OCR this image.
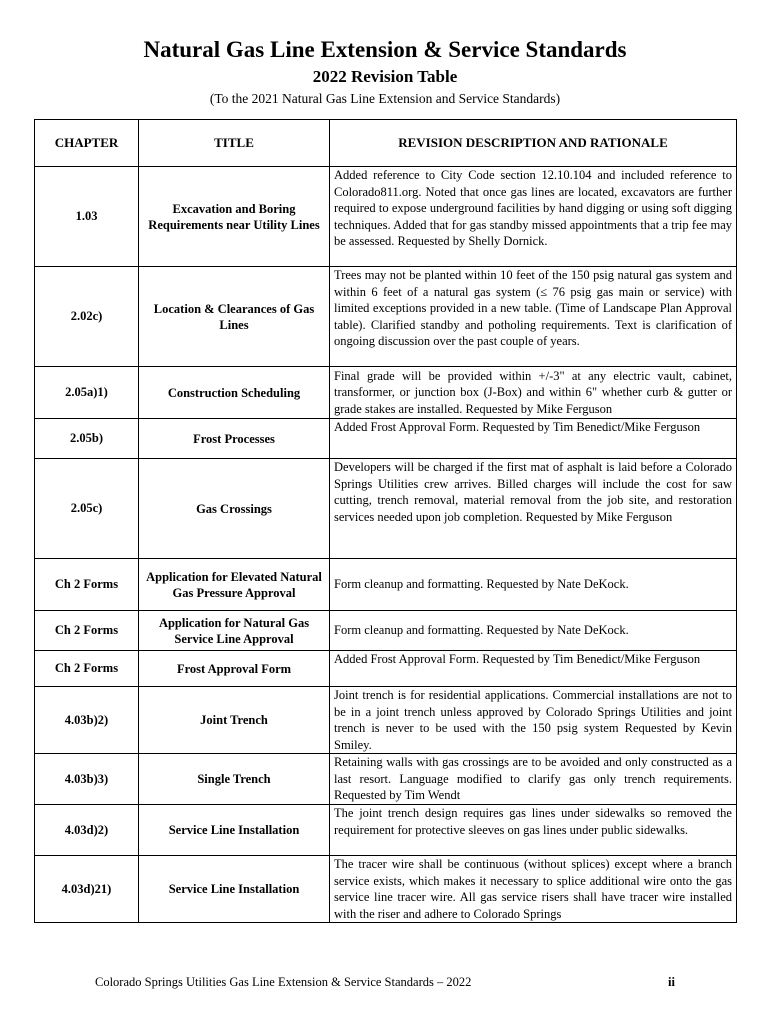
Natural Gas Line Extension & Service Standards
2022 Revision Table
(To the 2021 Natural Gas Line Extension and Service Standards)
CHAPTER	TITLE	REVISION DESCRIPTION AND RATIONALE
1.03	Excavation and Boring Requirements near Utility Lines	Added reference to City Code section 12.10.104 and included reference to Colorado811.org. Noted that once gas lines are located, excavators are further required to expose underground facilities by hand digging or using soft digging techniques. Added that for gas standby missed appointments that a trip fee may be assessed. Requested by Shelly Dornick.

2.02c)	Location & Clearances of Gas Lines	Trees may not be planted within 10 feet of the 150 psig natural gas system and within 6 feet of a natural gas system (≤ 76 psig gas main or service) with limited exceptions provided in a new table. (Time of Landscape Plan Approval table). Clarified standby and potholing requirements. Text is clarification of ongoing discussion over the past couple of years.

2.05a)1)	Construction Scheduling	Final grade will be provided within +/-3" at any electric vault, cabinet, transformer, or junction box (J-Box) and within 6" whether curb & gutter or grade stakes are installed. Requested by Mike Ferguson

2.05b)	Frost Processes	Added Frost Approval Form. Requested by Tim Benedict/Mike Ferguson

2.05c)	Gas Crossings	Developers will be charged if the first mat of asphalt is laid before a Colorado Springs Utilities crew arrives. Billed charges will include the cost for saw cutting, trench removal, material removal from the job site, and restoration services needed upon job completion. Requested by Mike Ferguson

Ch 2 Forms	Application for Elevated Natural Gas Pressure Approval	Form cleanup and formatting. Requested by Nate DeKock.

Ch 2 Forms	Application for Natural Gas Service Line Approval	Form cleanup and formatting. Requested by Nate DeKock.

Ch 2 Forms	Frost Approval Form	Added Frost Approval Form. Requested by Tim Benedict/Mike Ferguson

4.03b)2)	Joint Trench	Joint trench is for residential applications. Commercial installations are not to be in a joint trench unless approved by Colorado Springs Utilities and joint trench is never to be used with the 150 psig system Requested by Kevin Smiley.

4.03b)3)	Single Trench	Retaining walls with gas crossings are to be avoided and only constructed as a last resort. Language modified to clarify gas only trench requirements. Requested by Tim Wendt

4.03d)2)	Service Line Installation	The joint trench design requires gas lines under sidewalks so removed the requirement for protective sleeves on gas lines under public sidewalks.

4.03d)21)	Service Line Installation	The tracer wire shall be continuous (without splices) except where a branch service exists, which makes it necessary to splice additional wire onto the gas service line tracer wire. All gas service risers shall have tracer wire installed with the riser and adhere to Colorado Springs
Colorado Springs Utilities Gas Line Extension & Service Standards – 2022	ii
